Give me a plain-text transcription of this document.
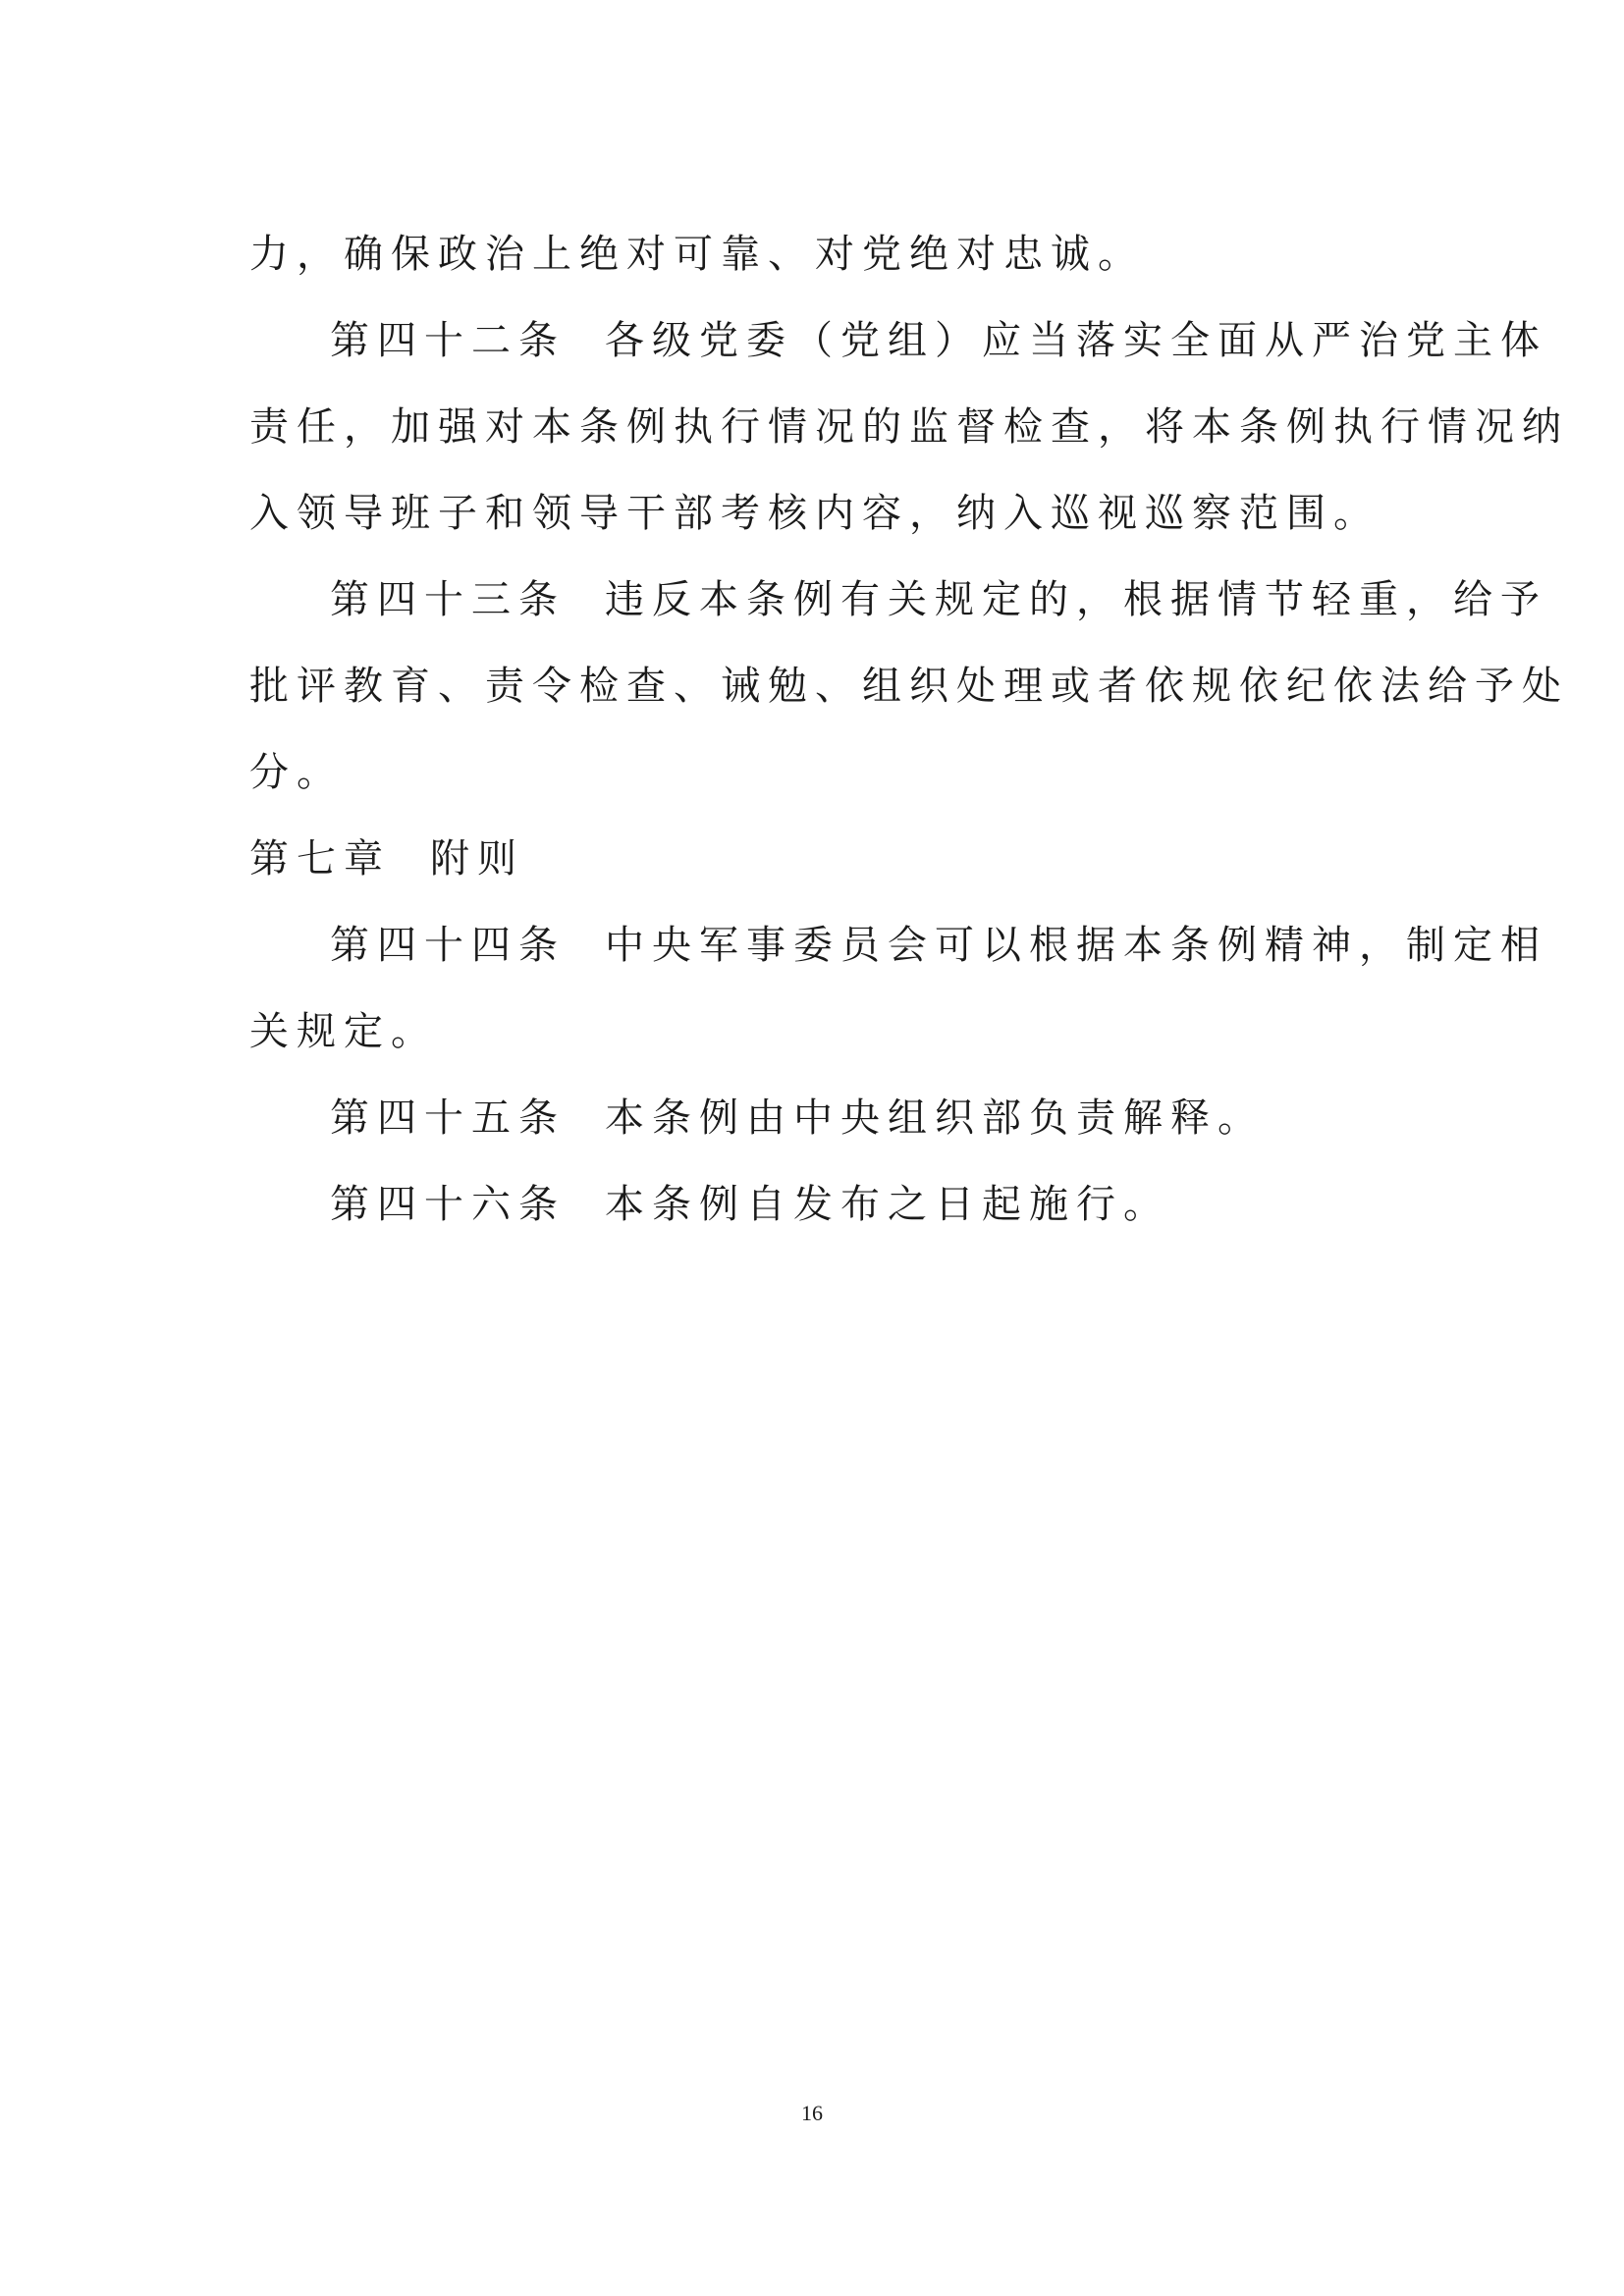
力，确保政治上绝对可靠、对党绝对忠诚。
第四十二条 各级党委（党组）应当落实全面从严治党主体
责任，加强对本条例执行情况的监督检查，将本条例执行情况纳
入领导班子和领导干部考核内容，纳入巡视巡察范围。
第四十三条 违反本条例有关规定的，根据情节轻重，给予
批评教育、责令检查、诫勉、组织处理或者依规依纪依法给予处
分。
第七章 附则
第四十四条 中央军事委员会可以根据本条例精神，制定相
关规定。
第四十五条 本条例由中央组织部负责解释。
第四十六条 本条例自发布之日起施行。
16
